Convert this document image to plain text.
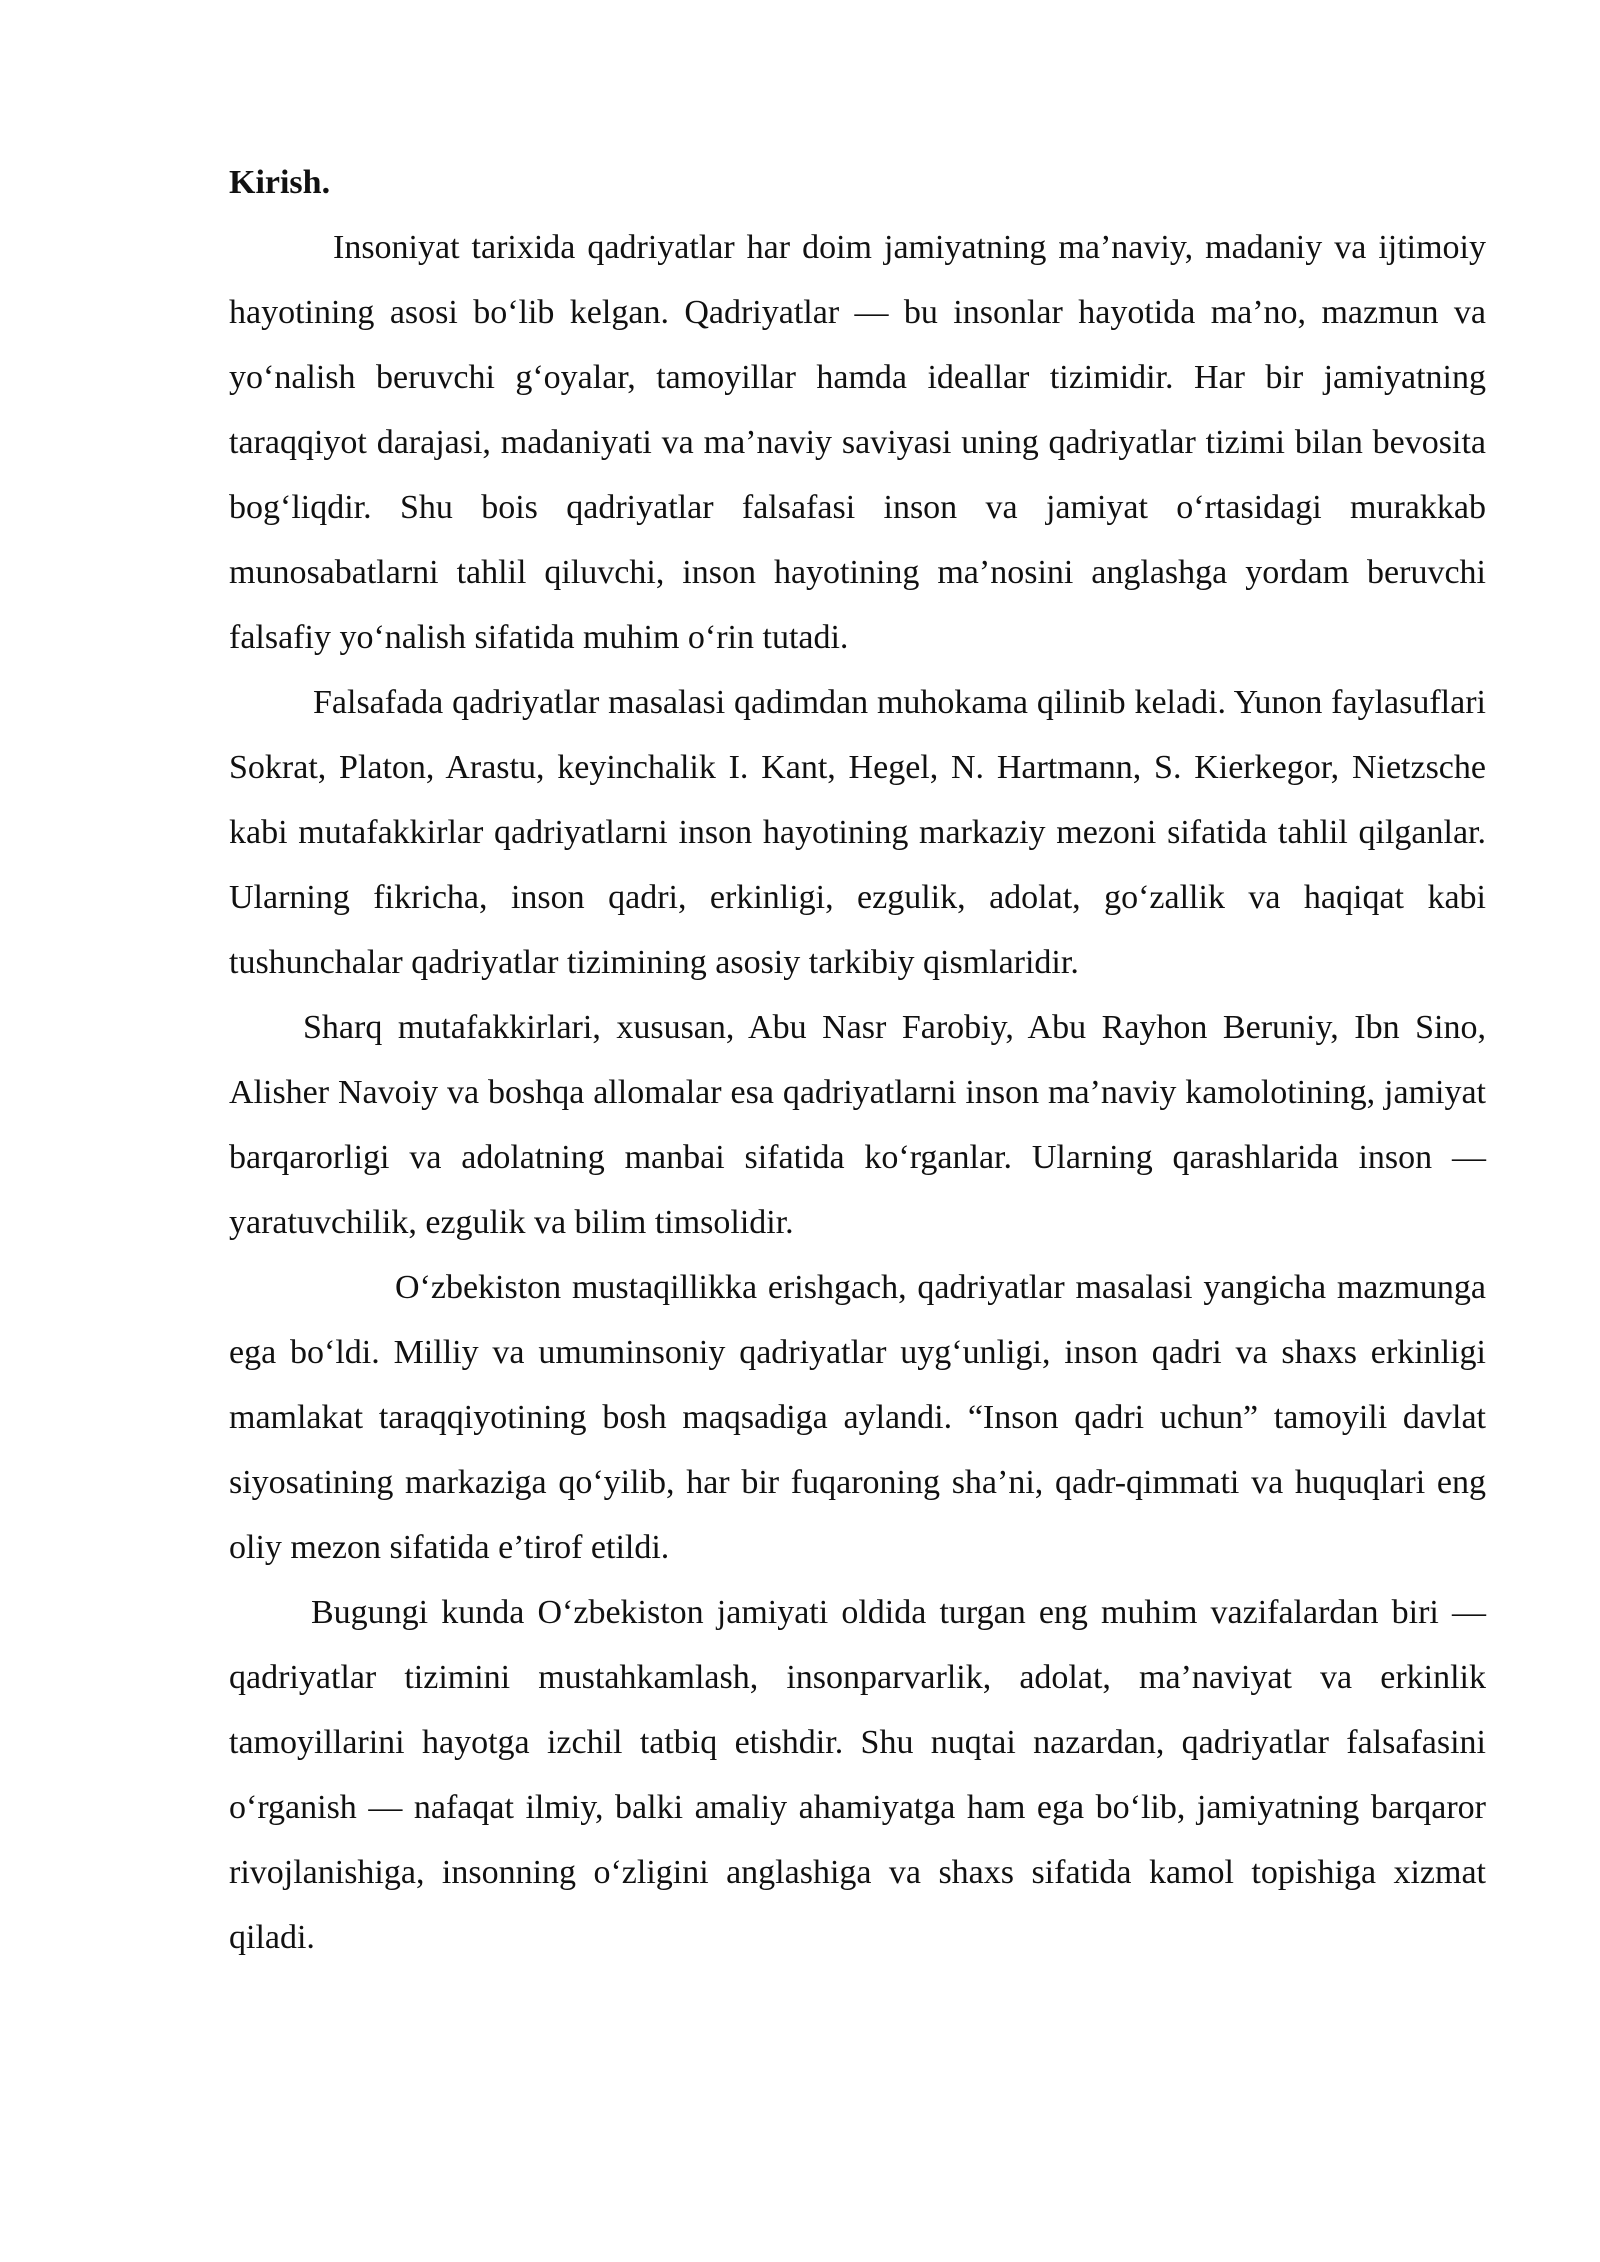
Kirish.

Insoniyat tarixida qadriyatlar har doim jamiyatning ma’naviy, madaniy va ijtimoiy hayotining asosi bo‘lib kelgan. Qadriyatlar — bu insonlar hayotida ma’no, mazmun va yo‘nalish beruvchi g‘oyalar, tamoyillar hamda ideallar tizimidir. Har bir jamiyatning taraqqiyot darajasi, madaniyati va ma’naviy saviyasi uning qadriyatlar tizimi bilan bevosita bog‘liqdir. Shu bois qadriyatlar falsafasi inson va jamiyat o‘rtasidagi murakkab munosabatlarni tahlil qiluvchi, inson hayotining ma’nosini anglashga yordam beruvchi falsafiy yo‘nalish sifatida muhim o‘rin tutadi.

Falsafada qadriyatlar masalasi qadimdan muhokama qilinib keladi. Yunon faylasuflari Sokrat, Platon, Arastu, keyinchalik I. Kant, Hegel, N. Hartmann, S. Kierkegor, Nietzsche kabi mutafakkirlar qadriyatlarni inson hayotining markaziy mezoni sifatida tahlil qilganlar. Ularning fikricha, inson qadri, erkinligi, ezgulik, adolat, go‘zallik va haqiqat kabi tushunchalar qadriyatlar tizimining asosiy tarkibiy qismlaridir.

Sharq mutafakkirlari, xususan, Abu Nasr Farobiy, Abu Rayhon Beruniy, Ibn Sino, Alisher Navoiy va boshqa allomalar esa qadriyatlarni inson ma’naviy kamolotining, jamiyat barqarorligi va adolatning manbai sifatida ko‘rganlar. Ularning qarashlarida inson — yaratuvchilik, ezgulik va bilim timsolidir.

O‘zbekiston mustaqillikka erishgach, qadriyatlar masalasi yangicha mazmunga ega bo‘ldi. Milliy va umuminsoniy qadriyatlar uyg‘unligi, inson qadri va shaxs erkinligi mamlakat taraqqiyotining bosh maqsadiga aylandi. “Inson qadri uchun” tamoyili davlat siyosatining markaziga qo‘yilib, har bir fuqaroning sha’ni, qadr-qimmati va huquqlari eng oliy mezon sifatida e’tirof etildi.

Bugungi kunda O‘zbekiston jamiyati oldida turgan eng muhim vazifalardan biri — qadriyatlar tizimini mustahkamlash, insonparvarlik, adolat, ma’naviyat va erkinlik tamoyillarini hayotga izchil tatbiq etishdir. Shu nuqtai nazardan, qadriyatlar falsafasini o‘rganish — nafaqat ilmiy, balki amaliy ahamiyatga ham ega bo‘lib, jamiyatning barqaror rivojlanishiga, insonning o‘zligini anglashiga va shaxs sifatida kamol topishiga xizmat qiladi.
